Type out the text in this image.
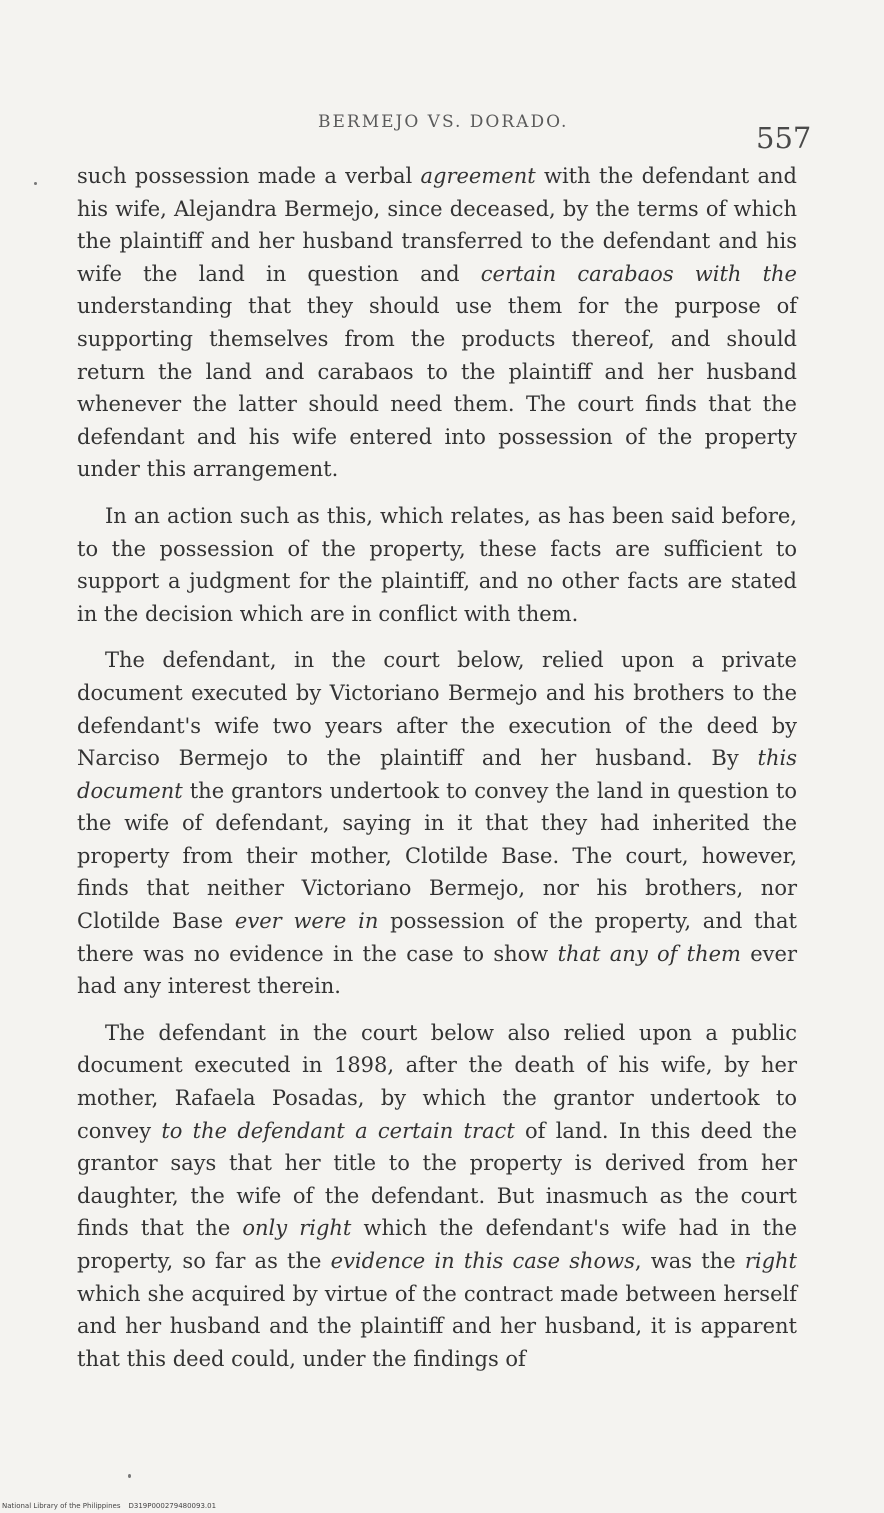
BERMEJO VS. DORADO.	557

such possession made a verbal agreement with the defendant and his wife, Alejandra Bermejo, since deceased, by the terms of which the plaintiff and her husband transferred to the defendant and his wife the land in question and certain carabaos with the understanding that they should use them for the purpose of supporting themselves from the products thereof, and should return the land and carabaos to the plaintiff and her husband whenever the latter should need them. The court finds that the defendant and his wife entered into possession of the property under this arrangement.

In an action such as this, which relates, as has been said before, to the possession of the property, these facts are sufficient to support a judgment for the plaintiff, and no other facts are stated in the decision which are in conflict with them.

The defendant, in the court below, relied upon a private document executed by Victoriano Bermejo and his brothers to the defendant's wife two years after the execution of the deed by Narciso Bermejo to the plaintiff and her husband. By this document the grantors undertook to convey the land in question to the wife of defendant, saying in it that they had inherited the property from their mother, Clotilde Base. The court, however, finds that neither Victoriano Bermejo, nor his brothers, nor Clotilde Base ever were in possession of the property, and that there was no evidence in the case to show that any of them ever had any interest therein.

The defendant in the court below also relied upon a public document executed in 1898, after the death of his wife, by her mother, Rafaela Posadas, by which the grantor undertook to convey to the defendant a certain tract of land. In this deed the grantor says that her title to the property is derived from her daughter, the wife of the defendant. But inasmuch as the court finds that the only right which the defendant's wife had in the property, so far as the evidence in this case shows, was the right which she acquired by virtue of the contract made between herself and her husband and the plaintiff and her husband, it is apparent that this deed could, under the findings of

National Library of the Philippines D319P000279480093.01
